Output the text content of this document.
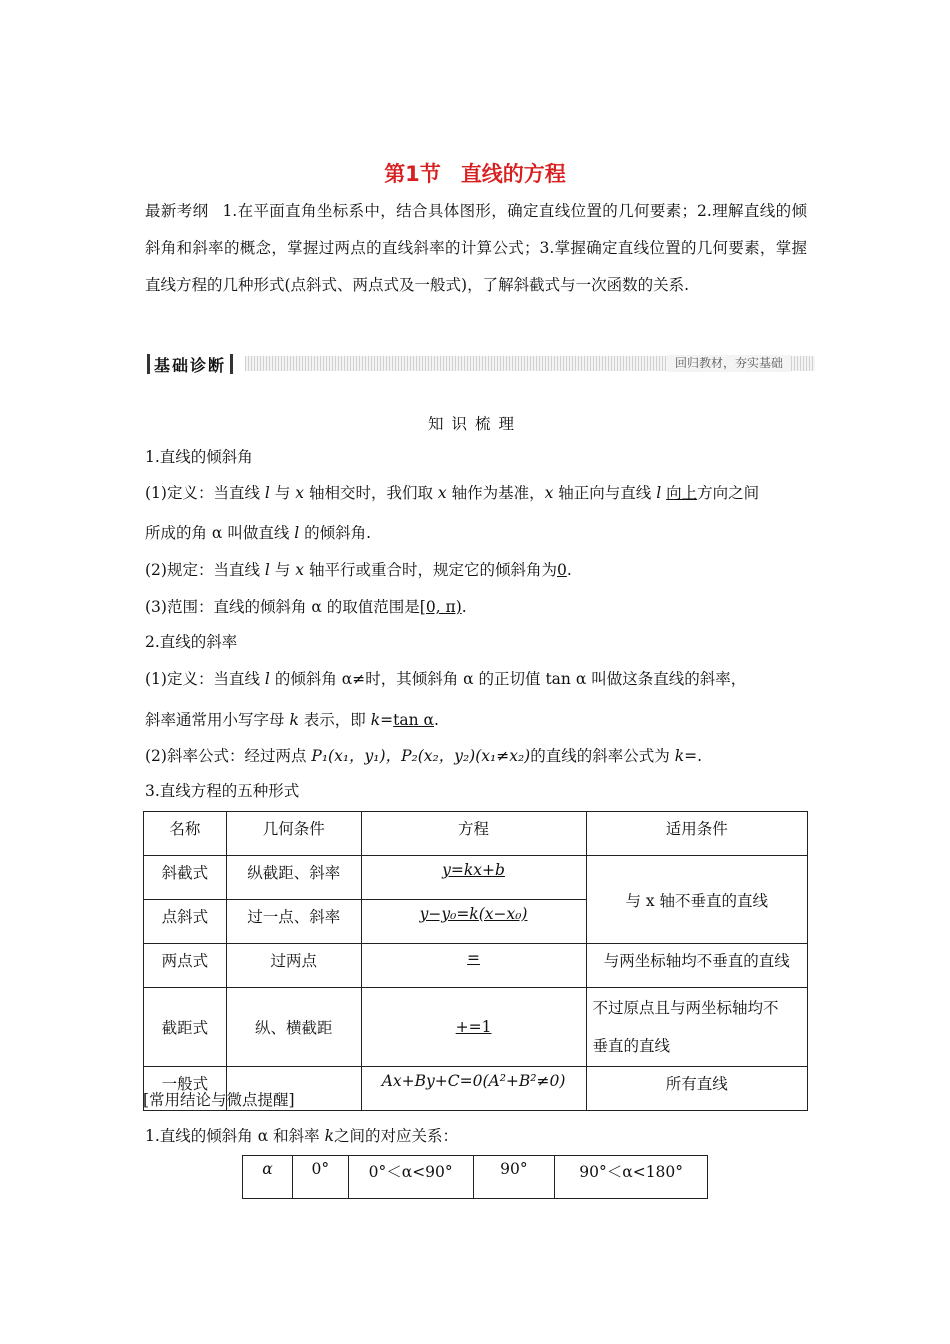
第1节 直线的方程
最新考纲 1.在平面直角坐标系中，结合具体图形，确定直线位置的几何要素；2.理解直线的倾斜角和斜率的概念，掌握过两点的直线斜率的计算公式；3.掌握确定直线位置的几何要素，掌握直线方程的几种形式(点斜式、两点式及一般式)，了解斜截式与一次函数的关系.
基础诊断	回归教材，夯实基础
知识梳理
1.直线的倾斜角
(1)定义：当直线 l 与 x 轴相交时，我们取 x 轴作为基准，x 轴正向与直线 l 向上方向之间
所成的角 α 叫做直线 l 的倾斜角.
(2)规定：当直线 l 与 x 轴平行或重合时，规定它的倾斜角为0.
(3)范围：直线的倾斜角 α 的取值范围是[0, π).
2.直线的斜率
(1)定义：当直线 l 的倾斜角 α≠时，其倾斜角 α 的正切值 tan α 叫做这条直线的斜率，
斜率通常用小写字母 k 表示，即 k=tan α.
(2)斜率公式：经过两点 P₁(x₁，y₁)，P₂(x₂，y₂)(x₁≠x₂)的直线的斜率公式为 k=.
3.直线方程的五种形式
名称	几何条件	方程	适用条件
斜截式	纵截距、斜率	y=kx+b	与 x 轴不垂直的直线
点斜式	过一点、斜率	y−y₀=k(x−x₀)	
两点式	过两点	=	与两坐标轴均不垂直的直线
截距式	纵、横截距	+=1	不过原点且与两坐标轴均不
垂直的直线
一般式		Ax+By+C=0(A²+B²≠0)	所有直线
[常用结论与微点提醒]
1.直线的倾斜角 α 和斜率 k之间的对应关系：
α	0°	0°＜α<90°	90°	90°＜α<180°
